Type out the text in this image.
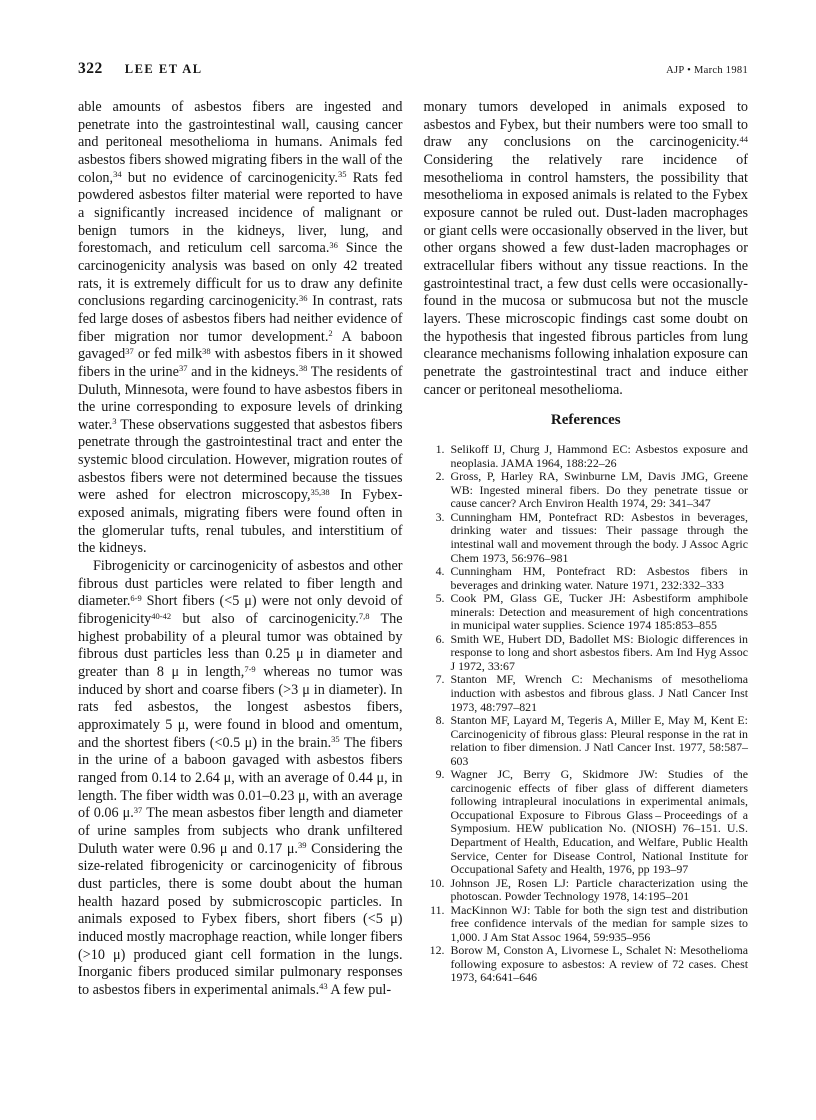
322 LEE ET AL	AJP • March 1981

able amounts of asbestos fibers are ingested and penetrate into the gastrointestinal wall, causing cancer and peritoneal mesothelioma in humans. Animals fed asbestos fibers showed migrating fibers in the wall of the colon,$^{34}$ but no evidence of carcinogenicity.$^{35}$ Rats fed powdered asbestos filter material were reported to have a significantly increased incidence of malignant or benign tumors in the kidneys, liver, lung, and forestomach, and reticulum cell sarcoma.$^{36}$ Since the carcinogenicity analysis was based on only 42 treated rats, it is extremely difficult for us to draw any definite conclusions regarding carcinogenicity.$^{36}$ In contrast, rats fed large doses of asbestos fibers had neither evidence of fiber migration nor tumor development.$^2$ A baboon gavaged$^{37}$ or fed milk$^{38}$ with asbestos fibers in it showed fibers in the urine$^{37}$ and in the kidneys.$^{38}$ The residents of Duluth, Minnesota, were found to have asbestos fibers in the urine corresponding to exposure levels of drinking water.$^3$ These observations suggested that asbestos fibers penetrate through the gastrointestinal tract and enter the systemic blood circulation. However, migration routes of asbestos fibers were not determined because the tissues were ashed for electron microscopy,$^{35,38}$ In Fybex-exposed animals, migrating fibers were found often in the glomerular tufts, renal tubules, and interstitium of the kidneys.

Fibrogenicity or carcinogenicity of asbestos and other fibrous dust particles were related to fiber length and diameter.$^{6-9}$ Short fibers (<5 μ) were not only devoid of fibrogenicity$^{40-42}$ but also of carcinogenicity.$^{7,8}$ The highest probability of a pleural tumor was obtained by fibrous dust particles less than 0.25 μ in diameter and greater than 8 μ in length,$^{7-9}$ whereas no tumor was induced by short and coarse fibers (>3 μ in diameter). In rats fed asbestos, the longest asbestos fibers, approximately 5 μ, were found in blood and omentum, and the shortest fibers (<0.5 μ) in the brain.$^{35}$ The fibers in the urine of a baboon gavaged with asbestos fibers ranged from 0.14 to 2.64 μ, with an average of 0.44 μ, in length. The fiber width was 0.01–0.23 μ, with an average of 0.06 μ.$^{37}$ The mean asbestos fiber length and diameter of urine samples from subjects who drank unfiltered Duluth water were 0.96 μ and 0.17 μ.$^{39}$ Considering the size-related fibrogenicity or carcinogenicity of fibrous dust particles, there is some doubt about the human health hazard posed by submicroscopic particles. In animals exposed to Fybex fibers, short fibers (<5 μ) induced mostly macrophage reaction, while longer fibers (>10 μ) produced giant cell formation in the lungs. Inorganic fibers produced similar pulmonary responses to asbestos fibers in experimental animals.$^{43}$ A few pul-

monary tumors developed in animals exposed to asbestos and Fybex, but their numbers were too small to draw any conclusions on the carcinogenicity.$^{44}$ Considering the relatively rare incidence of mesothelioma in control hamsters, the possibility that mesothelioma in exposed animals is related to the Fybex exposure cannot be ruled out. Dust-laden macrophages or giant cells were occasionally observed in the liver, but other organs showed a few dust-laden macrophages or extracellular fibers without any tissue reactions. In the gastrointestinal tract, a few dust cells were occasionally-found in the mucosa or submucosa but not the muscle layers. These microscopic findings cast some doubt on the hypothesis that ingested fibrous particles from lung clearance mechanisms following inhalation exposure can penetrate the gastrointestinal tract and induce either cancer or peritoneal mesothelioma.

References
1. Selikoff IJ, Churg J, Hammond EC: Asbestos exposure and neoplasia. JAMA 1964, 188:22–26
2. Gross, P, Harley RA, Swinburne LM, Davis JMG, Greene WB: Ingested mineral fibers. Do they penetrate tissue or cause cancer? Arch Environ Health 1974, 29: 341–347
3. Cunningham HM, Pontefract RD: Asbestos in beverages, drinking water and tissues: Their passage through the intestinal wall and movement through the body. J Assoc Agric Chem 1973, 56:976–981
4. Cunningham HM, Pontefract RD: Asbestos fibers in beverages and drinking water. Nature 1971, 232:332–333
5. Cook PM, Glass GE, Tucker JH: Asbestiform amphibole minerals: Detection and measurement of high concentrations in municipal water supplies. Science 1974 185:853–855
6. Smith WE, Hubert DD, Badollet MS: Biologic differences in response to long and short asbestos fibers. Am Ind Hyg Assoc J 1972, 33:67
7. Stanton MF, Wrench C: Mechanisms of mesothelioma induction with asbestos and fibrous glass. J Natl Cancer Inst 1973, 48:797–821
8. Stanton MF, Layard M, Tegeris A, Miller E, May M, Kent E: Carcinogenicity of fibrous glass: Pleural response in the rat in relation to fiber dimension. J Natl Cancer Inst. 1977, 58:587–603
9. Wagner JC, Berry G, Skidmore JW: Studies of the carcinogenic effects of fiber glass of different diameters following intrapleural inoculations in experimental animals, Occupational Exposure to Fibrous Glass – Proceedings of a Symposium. HEW publication No. (NIOSH) 76–151. U.S. Department of Health, Education, and Welfare, Public Health Service, Center for Disease Control, National Institute for Occupational Safety and Health, 1976, pp 193–97
10. Johnson JE, Rosen LJ: Particle characterization using the photoscan. Powder Technology 1978, 14:195–201
11. MacKinnon WJ: Table for both the sign test and distribution free confidence intervals of the median for sample sizes to 1,000. J Am Stat Assoc 1964, 59:935–956
12. Borow M, Conston A, Livornese L, Schalet N: Mesothelioma following exposure to asbestos: A review of 72 cases. Chest 1973, 64:641–646
